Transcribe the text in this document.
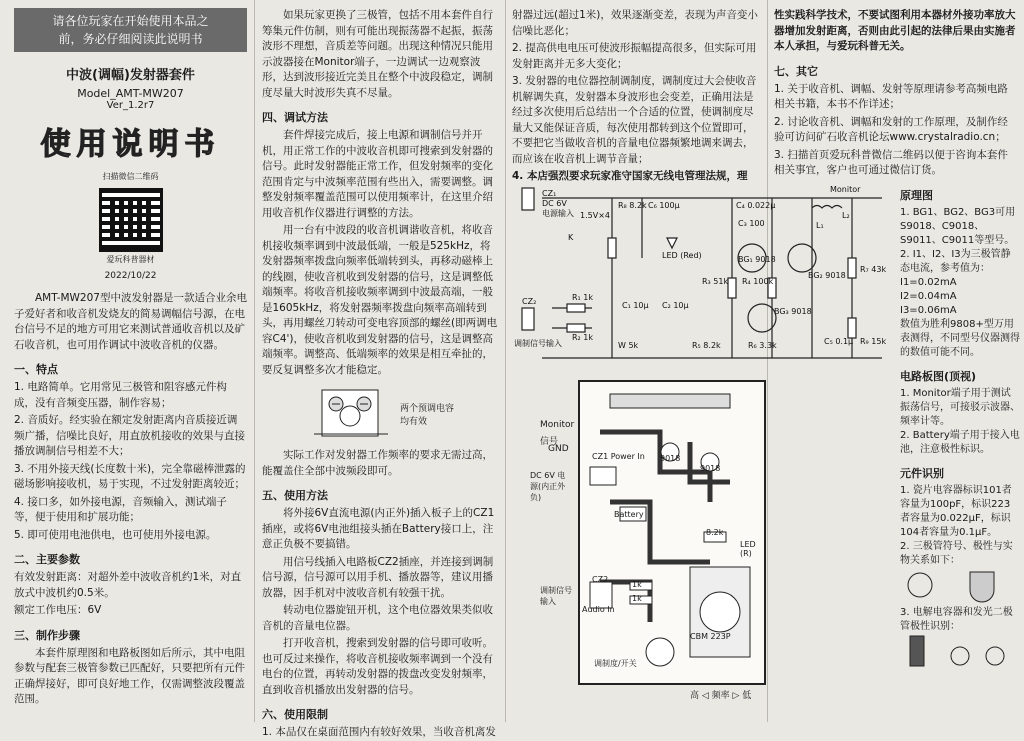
请各位玩家在开始使用本品之
前，务必仔细阅读此说明书
中波(调幅)发射器套件
Model_AMT-MW207
Ver_1.2r7
使用说明书
扫描微信二维码
爱玩科普器材
2022/10/22

AMT-MW207型中波发射器是一款适合业余电子爱好者和收音机发烧友的简易调幅信号源，在电台信号不足的地方可用它来测试普通收音机以及矿石收音机，也可用作调试中波收音机的仪器。

一、特点

1. 电路简单。它用常见三极管和阻容感元件构成，没有音频变压器，制作容易；

2. 音质好。经实验在额定发射距离内音质接近调频广播，信噪比良好，用直放机接收的效果与直接播放调制信号相差不大；

3. 不用外接天线(长度数十米)，完全靠磁棒泄露的磁场影响接收机，易于实现，不过发射距离较近；

4. 接口多，如外接电源，音频输入，测试端子等，便于使用和扩展功能；

5. 即可使用电池供电，也可使用外接电源。

二、主要参数

有效发射距离：对超外差中波收音机约1米，对直放式中波机约0.5米。

额定工作电压：6V

三、制作步骤

本套件原理图和电路板图如后所示，其中电阻参数与配套三极管参数已匹配好，只要把所有元件正确焊接好，即可良好地工作，仅需调整波段覆盖范围。

如果玩家更换了三极管，包括不用本套件自行筹集元件仿制，则有可能出现振荡器不起振，振荡波形不理想，音质差等问题。出现这种情况只能用示波器接在Monitor端子，一边调试一边观察波形，达到波形接近完美且在整个中波段稳定，调制度尽量大时波形失真不尽量。

四、调试方法

套件焊接完成后，接上电源和调制信号并开机，用正常工作的中波收音机即可搜索到发射器的信号。此时发射器能正常工作，但发射频率的变化范围肯定与中波频率范围有些出入，需要调整。调整发射频率覆盖范围可以使用频率计，在这里介绍用收音机作仪器进行调整的方法。

用一台有中波段的收音机调谐收音机，将收音机接收频率调到中波最低端，一般是525kHz，将发射器频率拨盘向频率低端转到头，再移动磁棒上的线圈，使收音机收到发射器的信号，这是调整低端频率。将收音机接收频率调到中波最高端，一般是1605kHz，将发射器频率拨盘向频率高端转到头，再用螺丝刀转动可变电容顶部的螺丝(即两调电容C4')，使收音机收到发射器的信号，这是调整高端频率。调整高、低端频率的效果是相互牵扯的，要反复调整多次才能稳定。

两个预调电容均有效

实际工作对发射器工作频率的要求无需过高，能覆盖住全部中波频段即可。

五、使用方法

将外接6V直流电源(内正外)插入板子上的CZ1插座，或将6V电池组接头插在Battery接口上，注意正负极不要搞错。

用信号线插入电路板CZ2插座，并连接到调制信号源，信号源可以用手机、播放器等，建议用播放器，因手机对中波收音机有较强干扰。

转动电位器旋钮开机，这个电位器效果类似收音机的音量电位器。

打开收音机，搜索到发射器的信号即可收听。也可反过来操作，将收音机接收频率调到一个没有电台的位置，再转动发射器的拨盘改变发射频率，直到收音机播放出发射器的信号。

六、使用限制

1. 本品仅在桌面范围内有较好效果，当收音机离发

射器过远(超过1米)，效果逐渐变差，表现为声音变小信噪比恶化；

2. 提高供电电压可使波形振幅提高很多，但实际可用发射距离并无多大变化；

3. 发射器的电位器控制调制度，调制度过大会使收音机解调失真，发射器本身波形也会变差，正确用法是经过多次使用后总结出一个合适的位置，使调制度尽量大又能保证音质，每次使用都转到这个位置即可，不要把它当做收音机的音量电位器频繁地调来调去，而应该在收音机上调节音量；

4. 本店强烈要求玩家准守国家无线电管理法规，理

CZ₁
DC 6V
电源输入
K
1.5V×4
R₈ 8.2k C₆ 100μ
LED (Red)
C₄ 0.022μ
C₃ 100
Monitor
L₂
L₁
BG₁ 9018
BG₂ 9018
BG₃ 9018
R₃ 51k R₄ 100k
R₇ 43k
R₁ 1k
R₂ 1k
CZ₂
调制信号输入
C₁ 10μ C₂ 10μ
W 5k	R₅ 8.2k	R₆ 3.3k	C₅ 0.1μ R₉ 15k
Monitor
信号
GND
CZ1 Power In
Battery
DC 6V 电源(内正外负)
CZ2
Audio In
调制信号输入
调制度/开关
CBM 223P
高 ◁ 频率 ▷ 低
9018
9018
8.2k
LED (R)
1k
1k

性实践科学技术，不要试图利用本器材外接功率放大器增加发射距离，否则由此引起的法律后果由实施者本人承担，与爱玩科普无关。

七、其它

1. 关于收音机、调幅、发射等原理请参考高频电路相关书籍，本书不作详述；

2. 讨论收音机、调幅和发射的工作原理，及制作经验可访问矿石收音机论坛www.crystalradio.cn；

3. 扫描首页爱玩科普微信二维码以便于咨询本套件相关事宜，客户也可通过微信订货。

原理图
1. BG1、BG2、BG3可用S9018、C9018、S9011、C9011等型号。
2. I1、I2、I3为三极管静态电流，参考值为：
I1=0.02mA
I2=0.04mA
I3=0.06mA
数值为胜利9808+型万用表测得，不同型号仪器测得的数值可能不同。
电路板图(顶视)
1. Monitor端子用于测试振荡信号，可接驳示波器、频率计等。
2. Battery端子用于接入电池，注意极性标识。
元件识别
1. 瓷片电容器标识101者容量为100pF，标识223者容量为0.022μF，标识104者容量为0.1μF。
2. 三极管符号、极性与实物关系如下：
3. 电解电容器和发光二极管极性识别：
